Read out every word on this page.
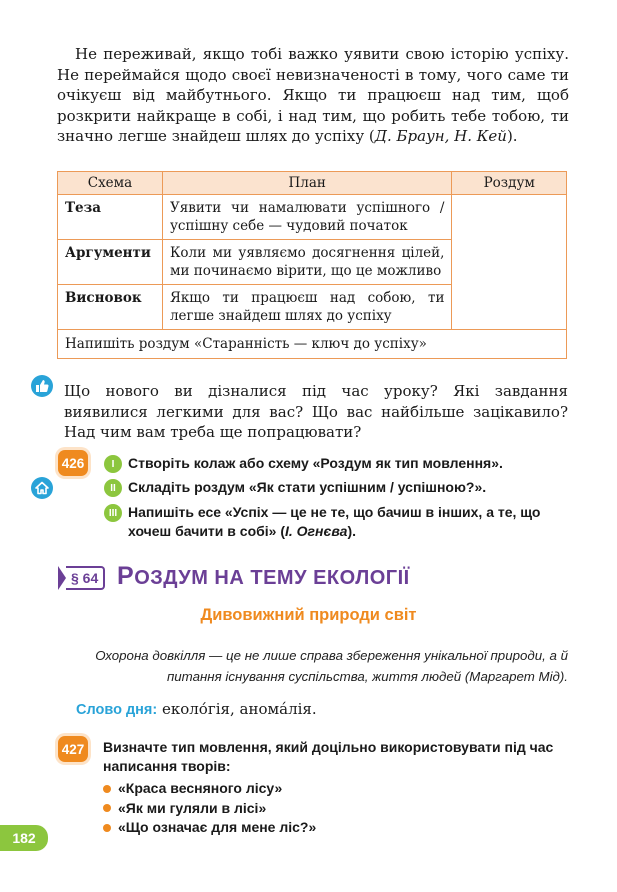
Не переживай, якщо тобі важко уявити свою історію успіху. Не переймайся щодо своєї невизначеності в тому, чого саме ти очікуєш від майбутнього. Якщо ти працюєш над тим, щоб розкрити найкраще в собі, і над тим, що робить тебе тобою, ти значно легше знайдеш шлях до успіху (Д. Браун, Н. Кей).
Схема	План	Роздум
Теза	Уявити чи намалювати успішного / успішну себе — чудовий початок	
Аргументи	Коли ми уявляємо досягнення цілей, ми починаємо вірити, що це можливо	
Висновок	Якщо ти працюєш над собою, ти легше знайдеш шлях до успіху	
Напишіть роздум «Старанність — ключ до успіху»		
Що нового ви дізналися під час уроку? Які завдання виявилися легкими для вас? Що вас найбільше зацікавило? Над чим вам треба ще попрацювати?
426	I Створіть колаж або схему «Роздум як тип мовлення».
II Складіть роздум «Як стати успішним / успішною?».
III Напишіть есе «Успіх — це не те, що бачиш в інших, а те, що хочеш бачити в собі» (І. Огнєва).
§ 64 РОЗДУМ НА ТЕМУ ЕКОЛОГІЇ
Дивовижний природи світ
Охорона довкілля — це не лише справа збереження унікальної природи, а й питання існування суспільства, життя людей (Маргарет Мід).
Слово дня: еколо́гія, аномáлія.
427 Визначте тип мовлення, який доцільно використовувати під час написання творів:
«Краса весняного лісу»
«Як ми гуляли в лісі»
«Що означає для мене ліс?»
182
